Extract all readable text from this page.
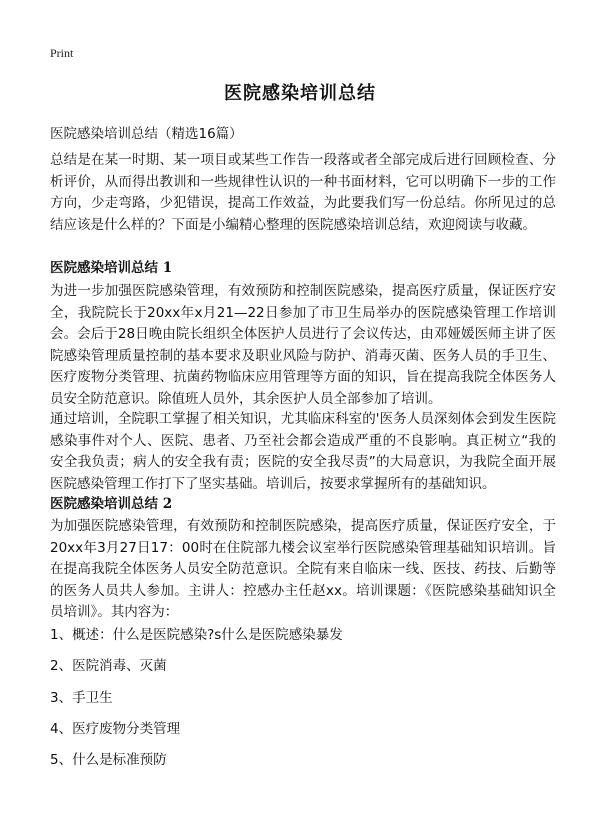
Print
医院感染培训总结
医院感染培训总结（精选16篇）

总结是在某一时期、某一项目或某些工作告一段落或者全部完成后进行回顾检查、分析评价，从而得出教训和一些规律性认识的一种书面材料，它可以明确下一步的工作方向，少走弯路，少犯错误，提高工作效益，为此要我们写一份总结。你所见过的总结应该是什么样的？下面是小编精心整理的医院感染培训总结，欢迎阅读与收藏。

医院感染培训总结 1

为进一步加强医院感染管理，有效预防和控制医院感染，提高医疗质量，保证医疗安全，我院院长于20xx年x月21—22日参加了市卫生局举办的医院感染管理工作培训会。会后于28日晚由院长组织全体医护人员进行了会议传达，由邓娅媛医师主讲了医院感染管理质量控制的基本要求及职业风险与防护、消毒灭菌、医务人员的手卫生、医疗废物分类管理、抗菌药物临床应用管理等方面的知识，旨在提高我院全体医务人员安全防范意识。除值班人员外，其余医护人员全部参加了培训。

通过培训，全院职工掌握了相关知识，尤其临床科室的'医务人员深刻体会到发生医院感染事件对个人、医院、患者、乃至社会都会造成严重的不良影响。真正树立“我的安全我负责；病人的安全我有责；医院的安全我尽责”的大局意识，为我院全面开展医院感染管理工作打下了坚实基础。培训后，按要求掌握所有的基础知识。

医院感染培训总结 2

为加强医院感染管理，有效预防和控制医院感染，提高医疗质量，保证医疗安全，于20xx年3月27日17：00时在住院部九楼会议室举行医院感染管理基础知识培训。旨在提高我院全体医务人员安全防范意识。全院有来自临床一线、医技、药技、后勤等的医务人员共人参加。主讲人：控感办主任赵xx。培训课题：《医院感染基础知识全员培训》。其内容为：

1、概述：什么是医院感染?s什么是医院感染暴发
2、医院消毒、灭菌
3、手卫生
4、医疗废物分类管理
5、什么是标准预防
